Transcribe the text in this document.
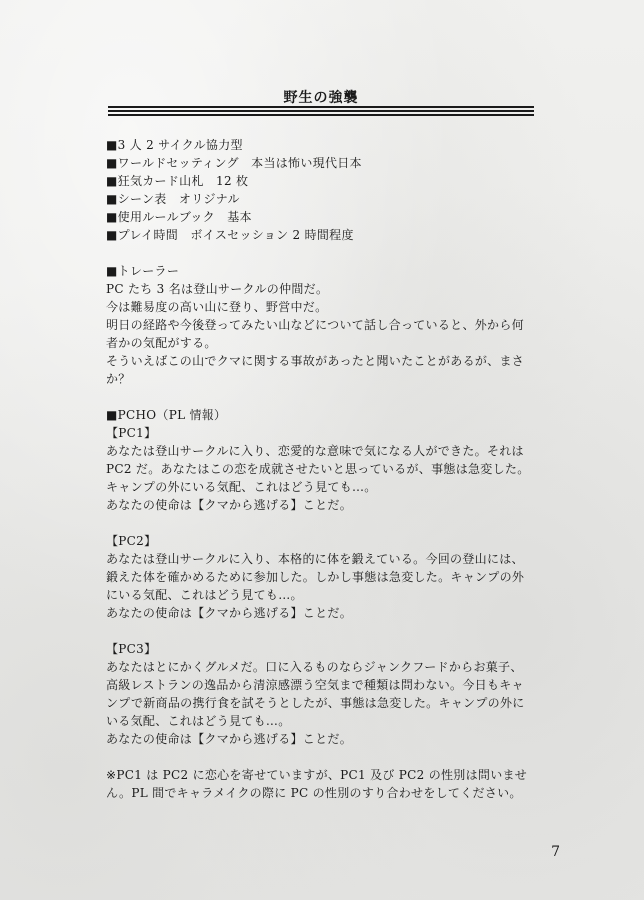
野生の強襲
■3 人 2 サイクル協力型
■ワールドセッティング　本当は怖い現代日本
■狂気カード山札　12 枚
■シーン表　オリジナル
■使用ルールブック　基本
■プレイ時間　ボイスセッション 2 時間程度
■トレーラー
PC たち 3 名は登山サークルの仲間だ。
今は難易度の高い山に登り、野営中だ。
明日の経路や今後登ってみたい山などについて話し合っていると、外から何
者かの気配がする。
そういえばこの山でクマに関する事故があったと聞いたことがあるが、まさ
か？
■PCHO（PL 情報）
【PC1】
あなたは登山サークルに入り、恋愛的な意味で気になる人ができた。それは
PC2 だ。あなたはこの恋を成就させたいと思っているが、事態は急変した。
キャンプの外にいる気配、これはどう見ても…。
あなたの使命は【クマから逃げる】ことだ。
【PC2】
あなたは登山サークルに入り、本格的に体を鍛えている。今回の登山には、
鍛えた体を確かめるために参加した。しかし事態は急変した。キャンプの外
にいる気配、これはどう見ても…。
あなたの使命は【クマから逃げる】ことだ。
【PC3】
あなたはとにかくグルメだ。口に入るものならジャンクフードからお菓子、
高級レストランの逸品から清涼感漂う空気まで種類は問わない。今日もキャ
ンプで新商品の携行食を試そうとしたが、事態は急変した。キャンプの外に
いる気配、これはどう見ても…。
あなたの使命は【クマから逃げる】ことだ。
※PC1 は PC2 に恋心を寄せていますが、PC1 及び PC2 の性別は問いませ
ん。PL 間でキャラメイクの際に PC の性別のすり合わせをしてください。
7
